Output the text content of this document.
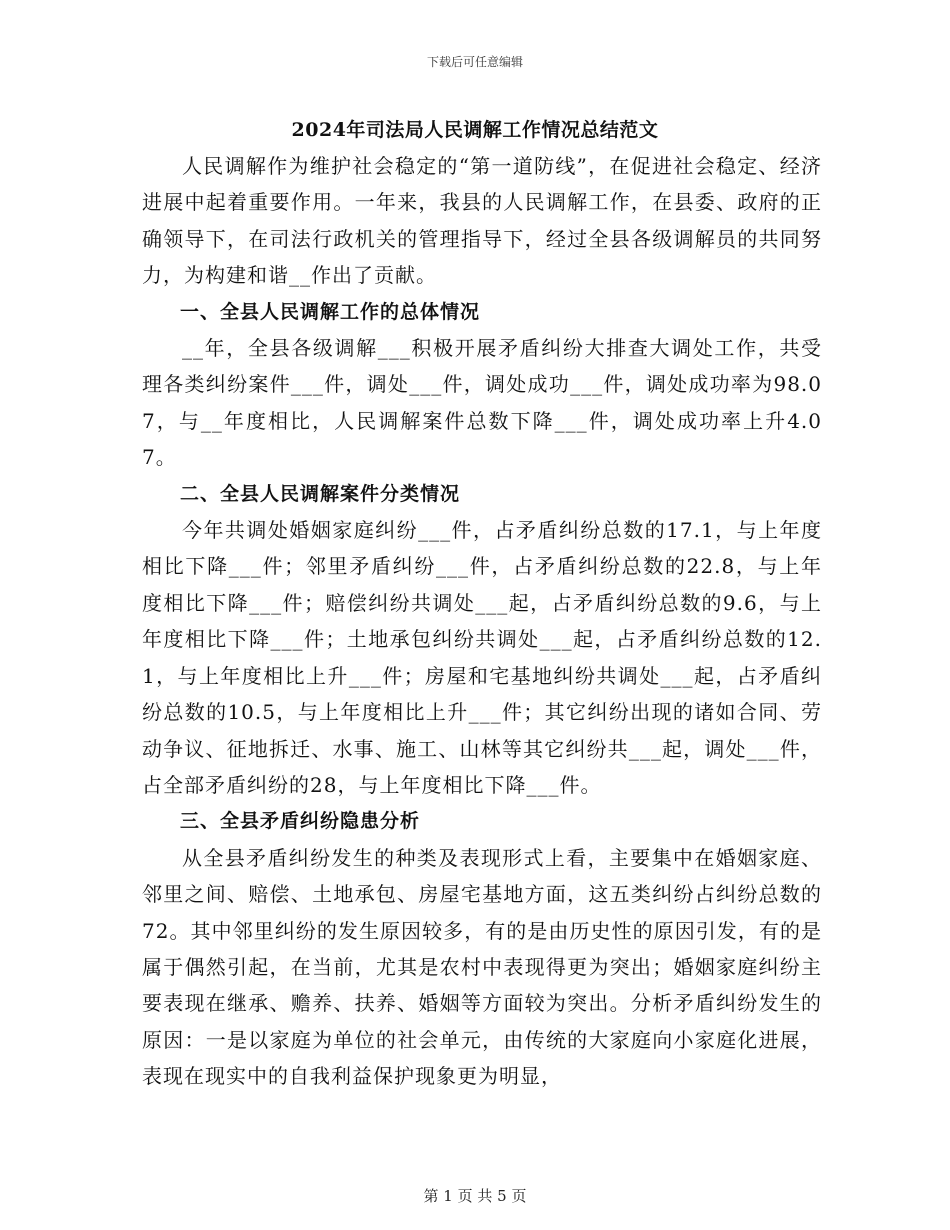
下载后可任意编辑
2024年司法局人民调解工作情况总结范文

人民调解作为维护社会稳定的“第一道防线”，在促进社会稳定、经济进展中起着重要作用。一年来，我县的人民调解工作，在县委、政府的正确领导下，在司法行政机关的管理指导下，经过全县各级调解员的共同努力，为构建和谐__作出了贡献。

一、全县人民调解工作的总体情况

__年，全县各级调解___积极开展矛盾纠纷大排查大调处工作，共受理各类纠纷案件___件，调处___件，调处成功___件，调处成功率为98.07，与__年度相比，人民调解案件总数下降___件，调处成功率上升4.07。

二、全县人民调解案件分类情况

今年共调处婚姻家庭纠纷___件，占矛盾纠纷总数的17.1，与上年度相比下降___件；邻里矛盾纠纷___件，占矛盾纠纷总数的22.8，与上年度相比下降___件；赔偿纠纷共调处___起，占矛盾纠纷总数的9.6，与上年度相比下降___件；土地承包纠纷共调处___起，占矛盾纠纷总数的12.1，与上年度相比上升___件；房屋和宅基地纠纷共调处___起，占矛盾纠纷总数的10.5，与上年度相比上升___件；其它纠纷出现的诸如合同、劳动争议、征地拆迁、水事、施工、山林等其它纠纷共___起，调处___件，占全部矛盾纠纷的28，与上年度相比下降___件。

三、全县矛盾纠纷隐患分析

从全县矛盾纠纷发生的种类及表现形式上看，主要集中在婚姻家庭、邻里之间、赔偿、土地承包、房屋宅基地方面，这五类纠纷占纠纷总数的72。其中邻里纠纷的发生原因较多，有的是由历史性的原因引发，有的是属于偶然引起，在当前，尤其是农村中表现得更为突出；婚姻家庭纠纷主要表现在继承、赡养、扶养、婚姻等方面较为突出。分析矛盾纠纷发生的原因：一是以家庭为单位的社会单元，由传统的大家庭向小家庭化进展，表现在现实中的自我利益保护现象更为明显，

第 1 页 共 5 页
